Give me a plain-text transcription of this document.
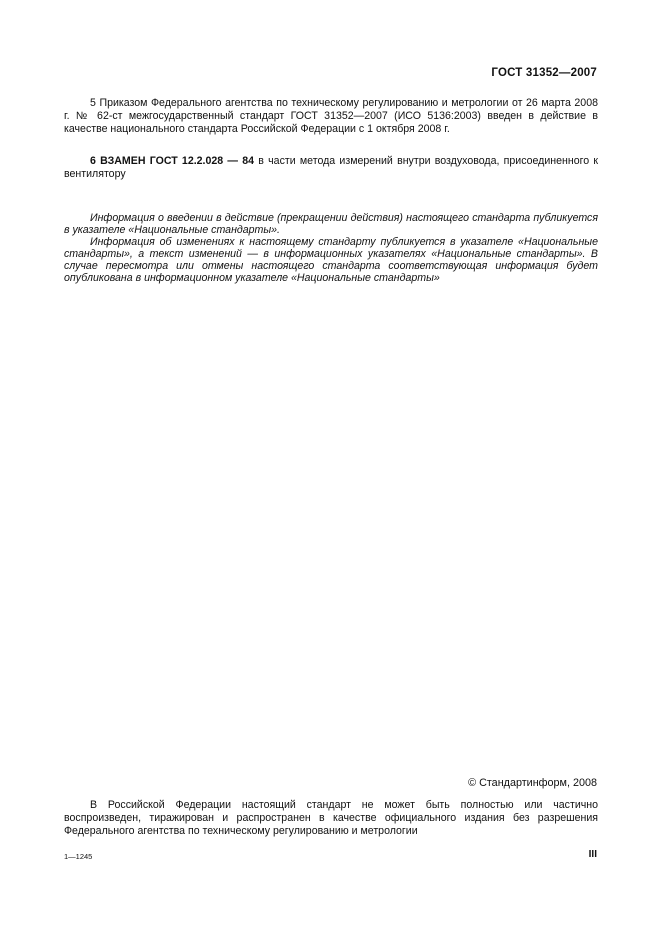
ГОСТ 31352—2007
5 Приказом Федерального агентства по техническому регулированию и метрологии от 26 марта 2008 г. № 62-ст межгосударственный стандарт ГОСТ 31352—2007 (ИСО 5136:2003) введен в действие в качестве национального стандарта Российской Федерации с 1 октября 2008 г.
6 ВЗАМЕН ГОСТ 12.2.028 — 84 в части метода измерений внутри воздуховода, присоединенного к вентилятору

Информация о введении в действие (прекращении действия) настоящего стандарта публикуется в указателе «Национальные стандарты».

Информация об изменениях к настоящему стандарту публикуется в указателе «Национальные стандарты», а текст изменений — в информационных указателях «Национальные стандарты». В случае пересмотра или отмены настоящего стандарта соответствующая информация будет опубликована в информационном указателе «Национальные стандарты»

© Стандартинформ, 2008
В Российской Федерации настоящий стандарт не может быть полностью или частично воспроизведен, тиражирован и распространен в качестве официального издания без разрешения Федерального агентства по техническому регулированию и метрологии
1—1245	III
